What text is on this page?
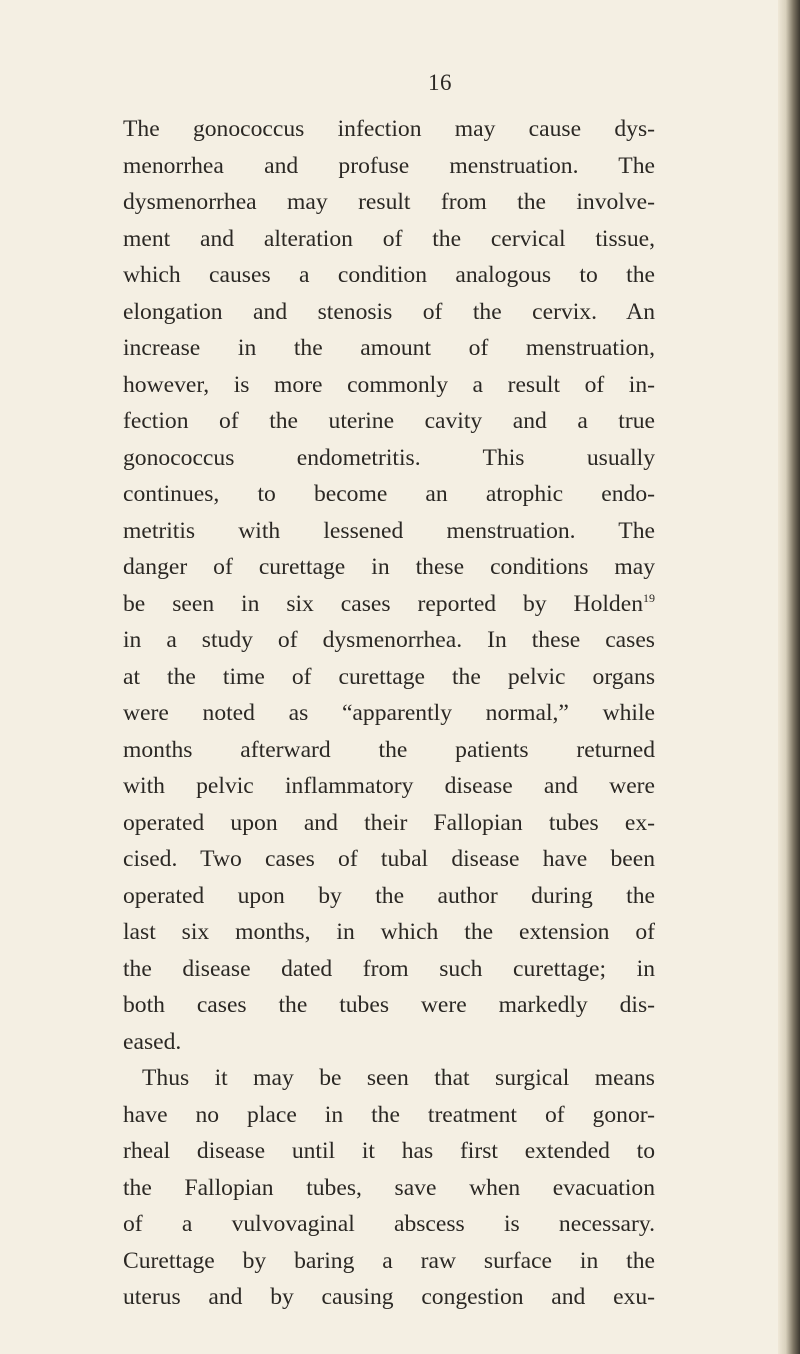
16
The gonococcus infection may cause dys-
menorrhea and profuse menstruation. The
dysmenorrhea may result from the involve-
ment and alteration of the cervical tissue,
which causes a condition analogous to the
elongation and stenosis of the cervix. An
increase in the amount of menstruation,
however, is more commonly a result of in-
fection of the uterine cavity and a true
gonococcus endometritis. This usually
continues, to become an atrophic endo-
metritis with lessened menstruation. The
danger of curettage in these conditions may
be seen in six cases reported by Holden$^{19}$
in a study of dysmenorrhea. In these cases
at the time of curettage the pelvic organs
were noted as “apparently normal,” while
months afterward the patients returned
with pelvic inflammatory disease and were
operated upon and their Fallopian tubes ex-
cised. Two cases of tubal disease have been
operated upon by the author during the
last six months, in which the extension of
the disease dated from such curettage; in
both cases the tubes were markedly dis-
eased.
Thus it may be seen that surgical means
have no place in the treatment of gonor-
rheal disease until it has first extended to
the Fallopian tubes, save when evacuation
of a vulvovaginal abscess is necessary.
Curettage by baring a raw surface in the
uterus and by causing congestion and exu-
